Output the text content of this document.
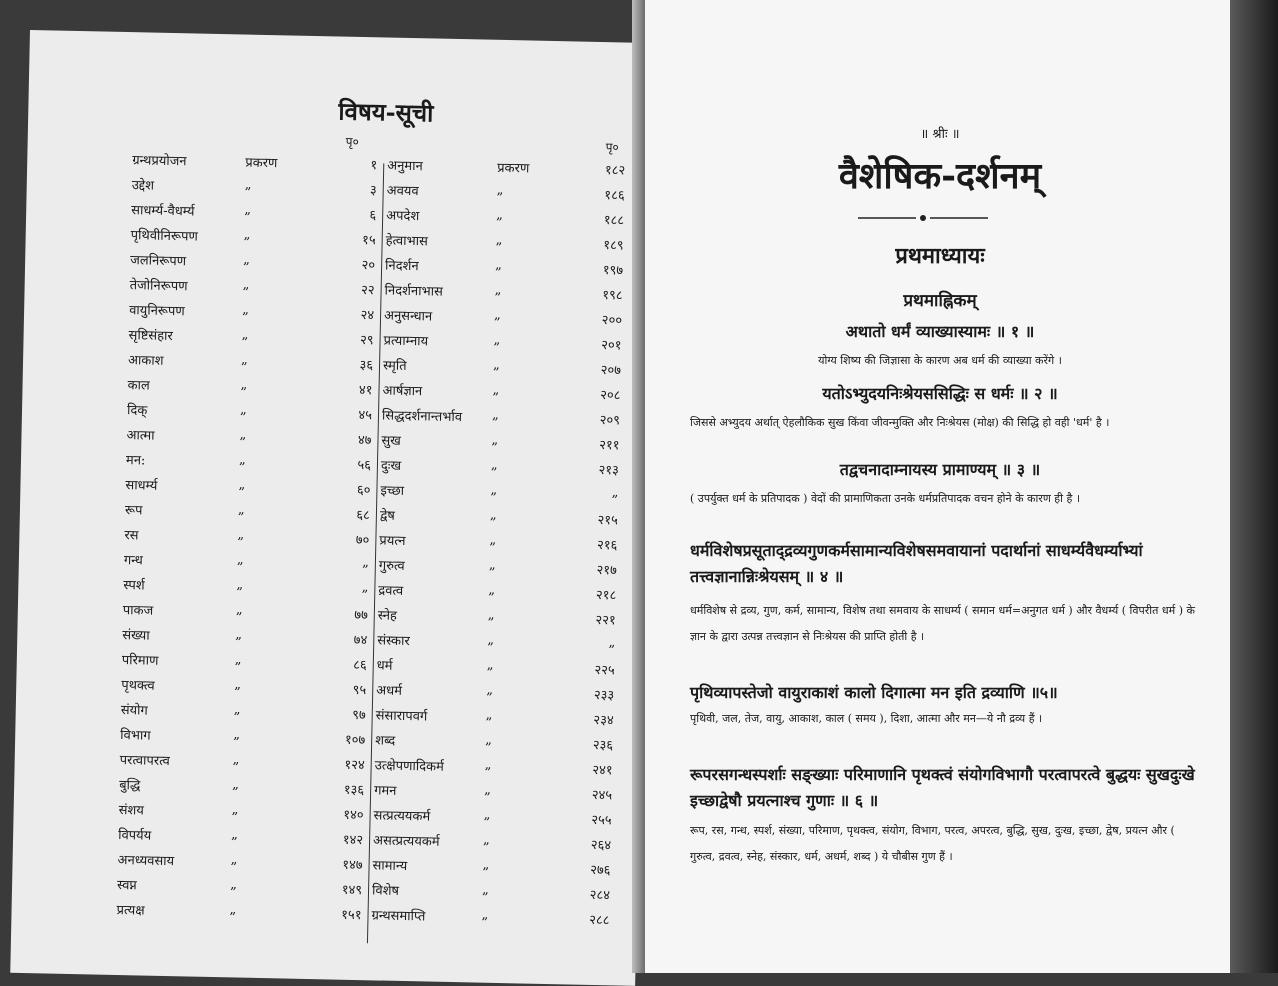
विषय-सूची
पृ०	पृ०
ग्रन्थप्रयोजन	प्रकरण	१ अनुमान	प्रकरण	१८२
उद्देश	„	३ अवयव	„	१८६
साधर्म्य-वैधर्म्य	„	६ अपदेश	„	१८८
पृथिवीनिरूपण	„	१५ हेत्वाभास	„	१८९
जलनिरूपण	„	२० निदर्शन	„	१९७
तेजोनिरूपण	„	२२ निदर्शनाभास	„	१९८
वायुनिरूपण	„	२४ अनुसन्धान	„	२००
सृष्टिसंहार	„	२९ प्रत्याम्नाय	„	२०१
आकाश	„	३६ स्मृति	„	२०७
काल	„	४१ आर्षज्ञान	„	२०८
दिक्	„	४५ सिद्धदर्शनान्तर्भाव „	२०९
आत्मा	„	४७ सुख	„	२११
मन:	„	५६ दुःख	„	२१३
साधर्म्य	„	६० इच्छा	„	„
रूप	„	६८ द्वेष	„	२१५
रस	„	७० प्रयत्न	„	२१६
गन्ध	„	„ गुरुत्व	„	२१७
स्पर्श	„	„ द्रवत्व	„	२१८
पाकज	„	७७ स्नेह	„	२२१
संख्या	„	७४ संस्कार	„	„
परिमाण	„	८६ धर्म	„	२२५
पृथक्त्व	„	९५ अधर्म	„	२३३
संयोग	„	९७ संसारापवर्ग	„	२३४
विभाग	„	१०७ शब्द	„	२३६
परत्वापरत्व	„	१२४ उत्क्षेपणादिकर्म	„	२४१
बुद्धि	„	१३६ गमन	„	२४५
संशय	„	१४० सत्प्रत्ययकर्म	„	२५५
विपर्यय	„	१४२ असत्प्रत्ययकर्म	„	२६४
अनध्यवसाय	„	१४७ सामान्य	„	२७६
स्वप्न	„	१४९ विशेष	„	२८४
प्रत्यक्ष	„	१५१ ग्रन्थसमाप्ति	„	२८८
॥ श्रीः ॥
वैशेषिक-दर्शनम्
प्रथमाध्यायः
प्रथमाह्निकम्
अथातो धर्मं व्याख्यास्यामः ॥ १ ॥
योग्य शिष्य की जिज्ञासा के कारण अब धर्म की व्याख्या करेंगे ।
यतोऽभ्युदयनिःश्रेयससिद्धिः स धर्मः ॥ २ ॥
जिससे अभ्युदय अर्थात् ऐहलौकिक सुख किंवा जीवन्मुक्ति और निःश्रेयस (मोक्ष) की सिद्धि हो वही 'धर्म' है ।
तद्वचनादाम्नायस्य प्रामाण्यम् ॥ ३ ॥
( उपर्युक्त धर्म के प्रतिपादक ) वेदों की प्रामाणिकता उनके धर्मप्रतिपादक वचन होने के कारण ही है ।
धर्मविशेषप्रसूताद्द्रव्यगुणकर्मसामान्यविशेषसमवायानां पदार्थानां साधर्म्यवैधर्म्याभ्यां तत्त्वज्ञानान्निःश्रेयसम् ॥ ४ ॥
धर्मविशेष से द्रव्य, गुण, कर्म, सामान्य, विशेष तथा समवाय के साधर्म्य ( समान धर्म=अनुगत धर्म ) और वैधर्म्य ( विपरीत धर्म ) के ज्ञान के द्वारा उत्पन्न तत्त्वज्ञान से निःश्रेयस की प्राप्ति होती है ।
पृथिव्यापस्तेजो वायुराकाशं कालो दिगात्मा मन इति द्रव्याणि ॥५॥
पृथिवी, जल, तेज, वायु, आकाश, काल ( समय ), दिशा, आत्मा और मन—ये नौ द्रव्य हैं ।
रूपरसगन्धस्पर्शाः सङ्ख्याः परिमाणानि पृथक्त्वं संयोगविभागौ परत्वापरत्वे बुद्धयः सुखदुःखे इच्छाद्वेषौ प्रयत्नाश्च गुणाः ॥ ६ ॥
रूप, रस, गन्ध, स्पर्श, संख्या, परिमाण, पृथक्त्व, संयोग, विभाग, परत्व, अपरत्व, बुद्धि, सुख, दुःख, इच्छा, द्वेष, प्रयत्न और ( गुरुत्व, द्रवत्व, स्नेह, संस्कार, धर्म, अधर्म, शब्द ) ये चौबीस गुण हैं ।
